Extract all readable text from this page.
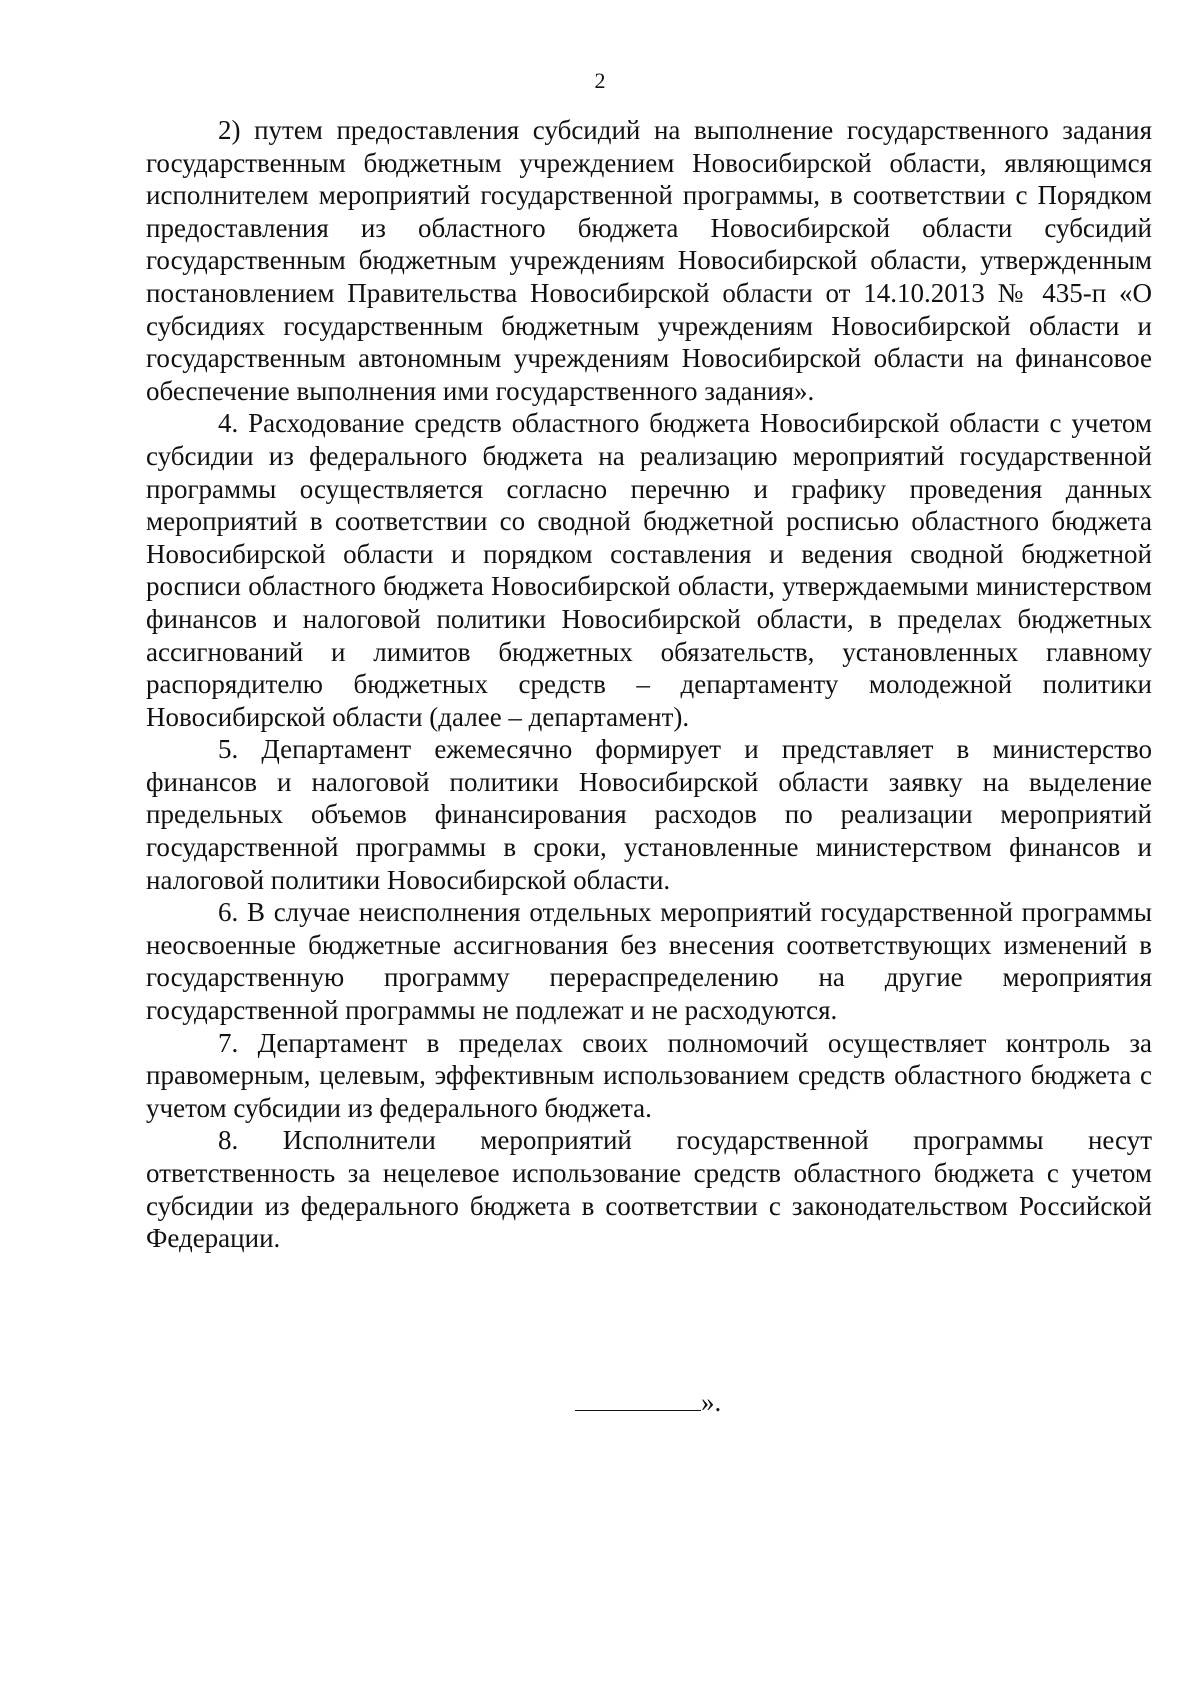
2

2) путем предоставления субсидий на выполнение государственного задания государственным бюджетным учреждением Новосибирской области, являющимся исполнителем мероприятий государственной программы, в соответствии с Порядком предоставления из областного бюджета Новосибирской области субсидий государственным бюджетным учреждениям Новосибирской области, утвержденным постановлением Правительства Новосибирской области от 14.10.2013 № 435-п «О субсидиях государственным бюджетным учреждениям Новосибирской области и государственным автономным учреждениям Новосибирской области на финансовое обеспечение выполнения ими государственного задания».

4. Расходование средств областного бюджета Новосибирской области с учетом субсидии из федерального бюджета на реализацию мероприятий государственной программы осуществляется согласно перечню и графику проведения данных мероприятий в соответствии со сводной бюджетной росписью областного бюджета Новосибирской области и порядком составления и ведения сводной бюджетной росписи областного бюджета Новосибирской области, утверждаемыми министерством финансов и налоговой политики Новосибирской области, в пределах бюджетных ассигнований и лимитов бюджетных обязательств, установленных главному распорядителю бюджетных средств – департаменту молодежной политики Новосибирской области (далее – департамент).

5. Департамент ежемесячно формирует и представляет в министерство финансов и налоговой политики Новосибирской области заявку на выделение предельных объемов финансирования расходов по реализации мероприятий государственной программы в сроки, установленные министерством финансов и налоговой политики Новосибирской области.

6. В случае неисполнения отдельных мероприятий государственной программы неосвоенные бюджетные ассигнования без внесения соответствующих изменений в государственную программу перераспределению на другие мероприятия государственной программы не подлежат и не расходуются.

7. Департамент в пределах своих полномочий осуществляет контроль за правомерным, целевым, эффективным использованием средств областного бюджета с учетом субсидии из федерального бюджета.

8. Исполнители мероприятий государственной программы несут ответственность за нецелевое использование средств областного бюджета с учетом субсидии из федерального бюджета в соответствии с законодательством Российской Федерации.

».
